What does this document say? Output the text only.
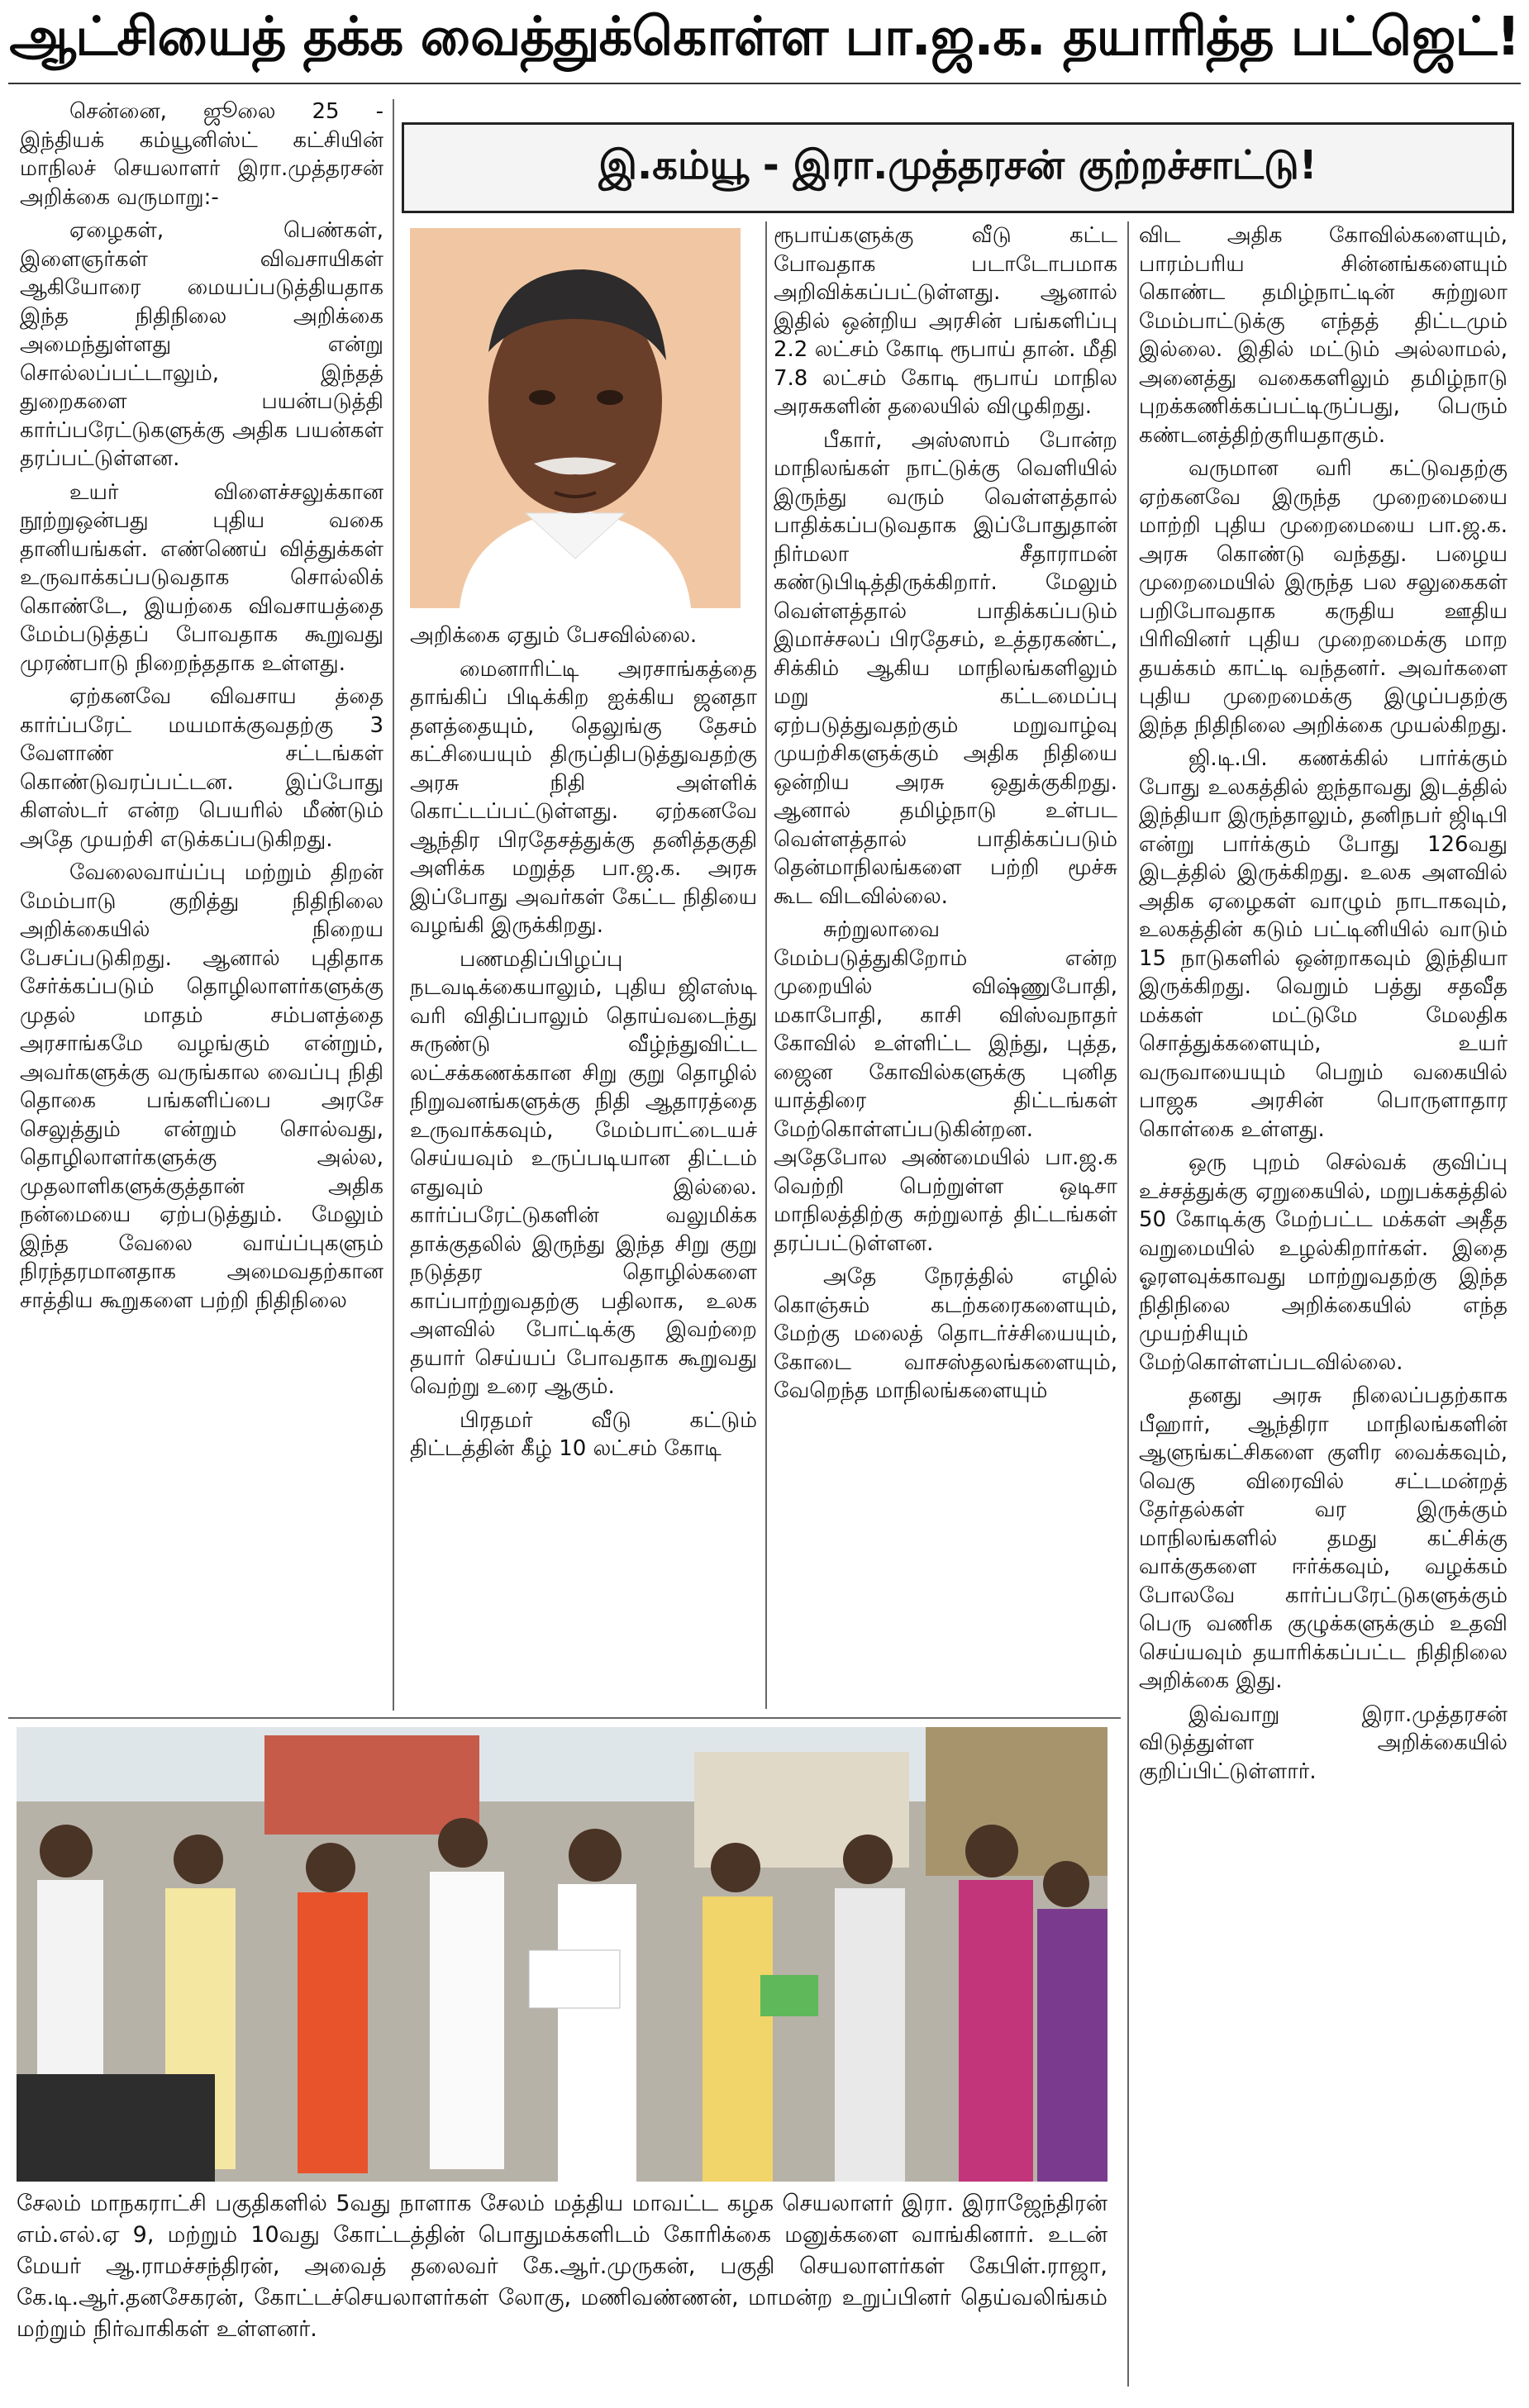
ஆட்சியைத் தக்க வைத்துக்கொள்ள பா.ஜ.க. தயாரித்த பட்ஜெட்!
இ.கம்யூ - இரா.முத்தரசன் குற்றச்சாட்டு!

சென்னை, ஜூலை 25 - இந்தியக் கம்யூனிஸ்ட் கட்சியின் மாநிலச் செயலாளர் இரா.முத்தரசன் அறிக்கை வருமாறு:-

ஏழைகள், பெண்கள், இளைஞர்கள் விவசாயிகள் ஆகியோரை மையப்படுத்தியதாக இந்த நிதிநிலை அறிக்கை அமைந்துள்ளது என்று சொல்லப்பட்டாலும், இந்தத் துறைகளை பயன்படுத்தி கார்ப்பரேட்டுகளுக்கு அதிக பயன்கள் தரப்பட்டுள்ளன.

உயர் விளைச்சலுக்கான நூற்றுஒன்பது புதிய வகை தானியங்கள். எண்ணெய் வித்துக்கள் உருவாக்கப்படுவதாக சொல்லிக் கொண்டே, இயற்கை விவசாயத்தை மேம்படுத்தப் போவதாக கூறுவது முரண்பாடு நிறைந்ததாக உள்ளது.

ஏற்கனவே விவசாய த்தை கார்ப்பரேட் மயமாக்குவதற்கு 3 வேளாண் சட்டங்கள் கொண்டுவரப்பட்டன. இப்போது கிளஸ்டர் என்ற பெயரில் மீண்டும் அதே முயற்சி எடுக்கப்படுகிறது.

வேலைவாய்ப்பு மற்றும் திறன் மேம்பாடு குறித்து நிதிநிலை அறிக்கையில் நிறைய பேசப்படுகிறது. ஆனால் புதிதாக சேர்க்கப்படும் தொழிலாளர்களுக்கு முதல் மாதம் சம்பளத்தை அரசாங்கமே வழங்கும் என்றும், அவர்களுக்கு வருங்கால வைப்பு நிதி தொகை பங்களிப்பை அரசே செலுத்தும் என்றும் சொல்வது, தொழிலாளர்களுக்கு அல்ல, முதலாளிகளுக்குத்தான் அதிக நன்மையை ஏற்படுத்தும். மேலும் இந்த வேலை வாய்ப்புகளும் நிரந்தரமானதாக அமைவதற்கான சாத்திய கூறுகளை பற்றி நிதிநிலை

அறிக்கை ஏதும் பேசவில்லை.

மைனாரிட்டி அரசாங்கத்தை தாங்கிப் பிடிக்கிற ஐக்கிய ஜனதா தளத்தையும், தெலுங்கு தேசம் கட்சியையும் திருப்திபடுத்துவதற்கு அரசு நிதி அள்ளிக் கொட்டப்பட்டுள்ளது. ஏற்கனவே ஆந்திர பிரதேசத்துக்கு தனித்தகுதி அளிக்க மறுத்த பா.ஜ.க. அரசு இப்போது அவர்கள் கேட்ட நிதியை வழங்கி இருக்கிறது.

பணமதிப்பிழப்பு நடவடிக்கையாலும், புதிய ஜிஎஸ்டி வரி விதிப்பாலும் தொய்வடைந்து சுருண்டு வீழ்ந்துவிட்ட லட்சக்கணக்கான சிறு குறு தொழில் நிறுவனங்களுக்கு நிதி ஆதாரத்தை உருவாக்கவும், மேம்பாட்டையச் செய்யவும் உருப்படியான திட்டம் எதுவும் இல்லை. கார்ப்பரேட்டுகளின் வலுமிக்க தாக்குதலில் இருந்து இந்த சிறு குறு நடுத்தர தொழில்களை காப்பாற்றுவதற்கு பதிலாக, உலக அளவில் போட்டிக்கு இவற்றை தயார் செய்யப் போவதாக கூறுவது வெற்று உரை ஆகும்.

பிரதமர் வீடு கட்டும் திட்டத்தின் கீழ் 10 லட்சம் கோடி

ரூபாய்களுக்கு வீடு கட்ட போவதாக படாடோபமாக அறிவிக்கப்பட்டுள்ளது. ஆனால் இதில் ஒன்றிய அரசின் பங்களிப்பு 2.2 லட்சம் கோடி ரூபாய் தான். மீதி 7.8 லட்சம் கோடி ரூபாய் மாநில அரசுகளின் தலையில் விழுகிறது.

பீகார், அஸ்ஸாம் போன்ற மாநிலங்கள் நாட்டுக்கு வெளியில் இருந்து வரும் வெள்ளத்தால் பாதிக்கப்படுவதாக இப்போதுதான் நிர்மலா சீதாராமன் கண்டுபிடித்திருக்கிறார். மேலும் வெள்ளத்தால் பாதிக்கப்படும் இமாச்சலப் பிரதேசம், உத்தரகண்ட், சிக்கிம் ஆகிய மாநிலங்களிலும் மறு கட்டமைப்பு ஏற்படுத்துவதற்கும் மறுவாழ்வு முயற்சிகளுக்கும் அதிக நிதியை ஒன்றிய அரசு ஒதுக்குகிறது. ஆனால் தமிழ்நாடு உள்பட வெள்ளத்தால் பாதிக்கப்படும் தென்மாநிலங்களை பற்றி மூச்சு கூட விடவில்லை.

சுற்றுலாவை மேம்படுத்துகிறோம் என்ற முறையில் விஷ்ணுபோதி, மகாபோதி, காசி விஸ்வநாதர் கோவில் உள்ளிட்ட இந்து, புத்த, ஜைன கோவில்களுக்கு புனித யாத்திரை திட்டங்கள் மேற்கொள்ளப்படுகின்றன. அதேபோல அண்மையில் பா.ஜ.க வெற்றி பெற்றுள்ள ஒடிசா மாநிலத்திற்கு சுற்றுலாத் திட்டங்கள் தரப்பட்டுள்ளன.

அதே நேரத்தில் எழில் கொஞ்சும் கடற்கரைகளையும், மேற்கு மலைத் தொடர்ச்சியையும், கோடை வாசஸ்தலங்களையும், வேறெந்த மாநிலங்களையும்

விட அதிக கோவில்களையும், பாரம்பரிய சின்னங்களையும் கொண்ட தமிழ்நாட்டின் சுற்றுலா மேம்பாட்டுக்கு எந்தத் திட்டமும் இல்லை. இதில் மட்டும் அல்லாமல், அனைத்து வகைகளிலும் தமிழ்நாடு புறக்கணிக்கப்பட்டிருப்பது, பெரும் கண்டனத்திற்குரியதாகும்.

வருமான வரி கட்டுவதற்கு ஏற்கனவே இருந்த முறைமையை மாற்றி புதிய முறைமையை பா.ஜ.க. அரசு கொண்டு வந்தது. பழைய முறைமையில் இருந்த பல சலுகைகள் பறிபோவதாக கருதிய ஊதிய பிரிவினர் புதிய முறைமைக்கு மாற தயக்கம் காட்டி வந்தனர். அவர்களை புதிய முறைமைக்கு இழுப்பதற்கு இந்த நிதிநிலை அறிக்கை முயல்கிறது.

ஜி.டி.பி. கணக்கில் பார்க்கும் போது உலகத்தில் ஐந்தாவது இடத்தில் இந்தியா இருந்தாலும், தனிநபர் ஜிடிபி என்று பார்க்கும் போது 126வது இடத்தில் இருக்கிறது. உலக அளவில் அதிக ஏழைகள் வாழும் நாடாகவும், உலகத்தின் கடும் பட்டினியில் வாடும் 15 நாடுகளில் ஒன்றாகவும் இந்தியா இருக்கிறது. வெறும் பத்து சதவீத மக்கள் மட்டுமே மேலதிக சொத்துக்களையும், உயர் வருவாயையும் பெறும் வகையில் பாஜக அரசின் பொருளாதார கொள்கை உள்ளது.

ஒரு புறம் செல்வக் குவிப்பு உச்சத்துக்கு ஏறுகையில், மறுபக்கத்தில் 50 கோடிக்கு மேற்பட்ட மக்கள் அதீத வறுமையில் உழல்கிறார்கள். இதை ஓரளவுக்காவது மாற்றுவதற்கு இந்த நிதிநிலை அறிக்கையில் எந்த முயற்சியும் மேற்கொள்ளப்படவில்லை.

தனது அரசு நிலைப்பதற்காக பீஹார், ஆந்திரா மாநிலங்களின் ஆளுங்கட்சிகளை குளிர வைக்கவும், வெகு விரைவில் சட்டமன்றத் தேர்தல்கள் வர இருக்கும் மாநிலங்களில் தமது கட்சிக்கு வாக்குகளை ஈர்க்கவும், வழக்கம் போலவே கார்ப்பரேட்டுகளுக்கும் பெரு வணிக குழுக்களுக்கும் உதவி செய்யவும் தயாரிக்கப்பட்ட நிதிநிலை அறிக்கை இது.

இவ்வாறு இரா.முத்தரசன் விடுத்துள்ள அறிக்கையில் குறிப்பிட்டுள்ளார்.

சேலம் மாநகராட்சி பகுதிகளில் 5வது நாளாக சேலம் மத்திய மாவட்ட கழக செயலாளர் இரா. இராஜேந்திரன் எம்.எல்.ஏ 9, மற்றும் 10வது கோட்டத்தின் பொதுமக்களிடம் கோரிக்கை மனுக்களை வாங்கினார். உடன் மேயர் ஆ.ராமச்சந்திரன், அவைத் தலைவர் கே.ஆர்.முருகன், பகுதி செயலாளர்கள் கேபிள்.ராஜா, கே.டி.ஆர்.தனசேகரன், கோட்டச்செயலாளர்கள் லோகு, மணிவண்ணன், மாமன்ற உறுப்பினர் தெய்வலிங்கம் மற்றும் நிர்வாகிகள் உள்ளனர்.
